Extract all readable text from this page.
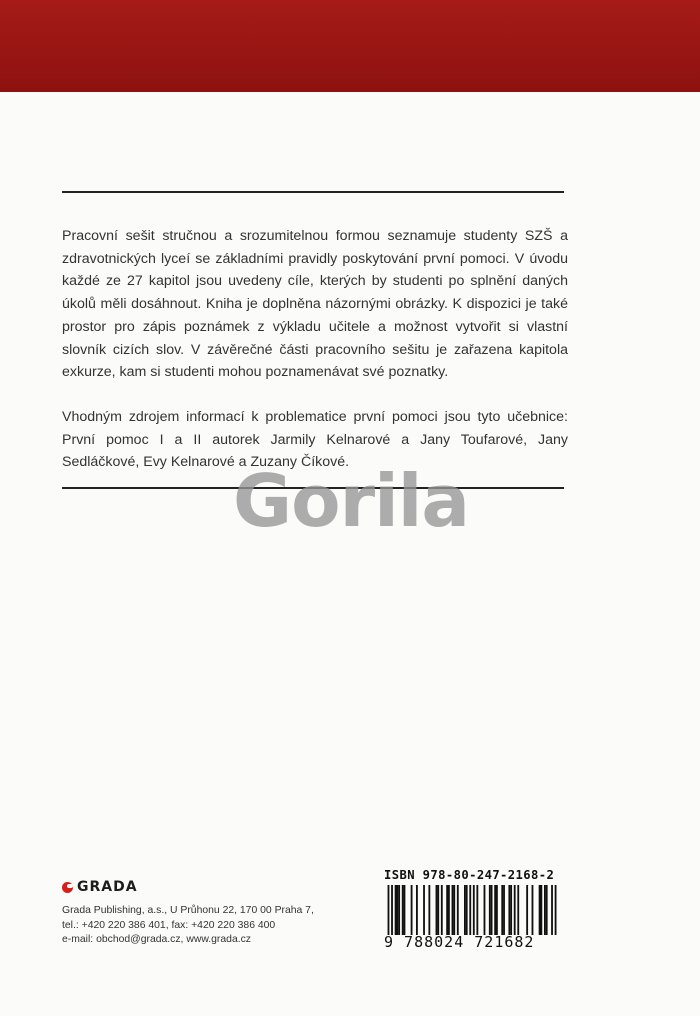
Pracovní sešit stručnou a srozumitelnou formou seznamuje studenty SZŠ a zdravotnických lyceí se základními pravidly poskytování první pomoci. V úvodu každé ze 27 kapitol jsou uvedeny cíle, kterých by studenti po splnění daných úkolů měli dosáhnout. Kniha je doplněna názornými obrázky. K dispozici je také prostor pro zápis poznámek z výkladu učitele a možnost vytvořit si vlastní slovník cizích slov. V závěrečné části pracovního sešitu je zařazena kapitola exkurze, kam si studenti mohou poznamenávat své poznatky.

Vhodným zdrojem informací k problematice první pomoci jsou tyto učebnice: První pomoc I a II autorek Jarmily Kelnarové a Jany Toufarové, Jany Sedláčkové, Evy Kelnarové a Zuzany Číkové.

Gorila
GRADA
Grada Publishing, a.s., U Průhonu 22, 170 00 Praha 7,
tel.: +420 220 386 401, fax: +420 220 386 400
e-mail: obchod@grada.cz, www.grada.cz
ISBN 978-80-247-2168-2
9 788024 721682
